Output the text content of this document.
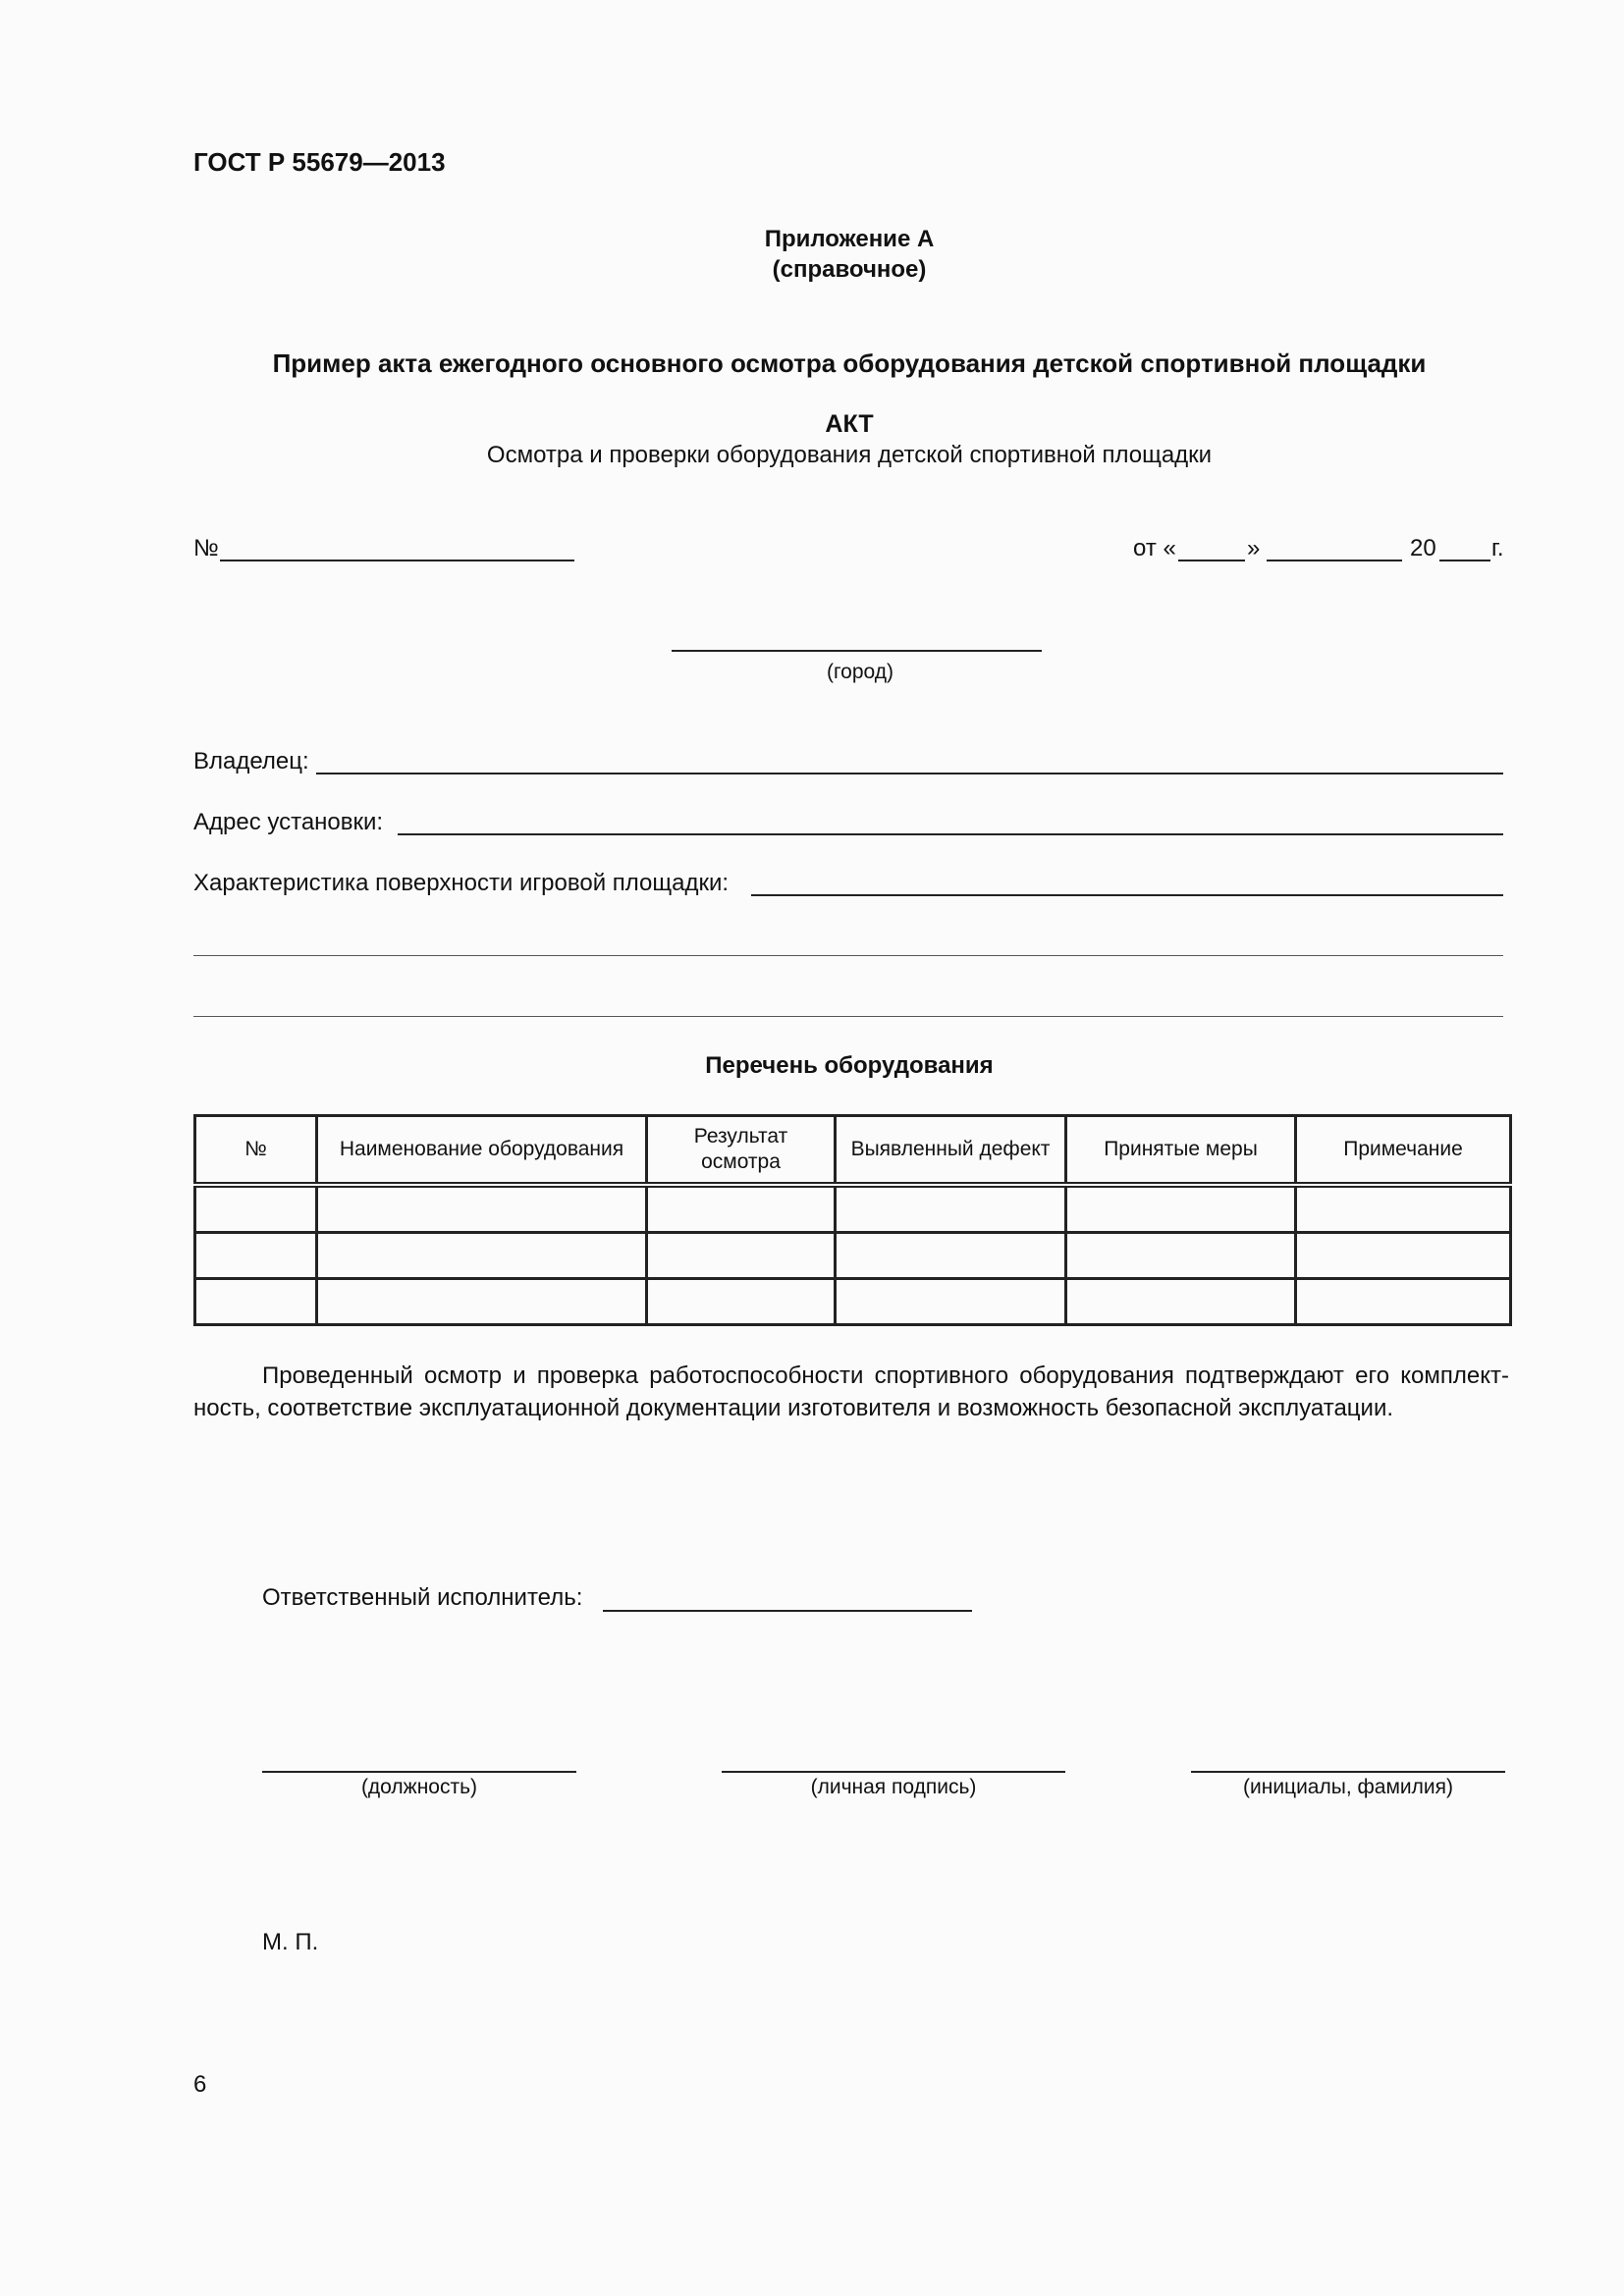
ГОСТ Р 55679—2013
Приложение А
(справочное)
Пример акта ежегодного основного осмотра оборудования детской спортивной площадки
АКТ
Осмотра и проверки оборудования детской спортивной площадки
№	от «	»	20 г.
(город)
Владелец:
Адрес установки:
Характеристика поверхности игровой площадки:
Перечень оборудования
№	Наименование оборудования	Результат осмотра	Выявленный дефект	Принятые меры	Примечание

Проведенный осмотр и проверка работоспособности спортивного оборудования подтверждают его комплект- ность, соответствие эксплуатационной документации изготовителя и возможность безопасной эксплуатации.
Ответственный исполнитель:
(должность)	(личная подпись)	(инициалы, фамилия)
М. П.
6
